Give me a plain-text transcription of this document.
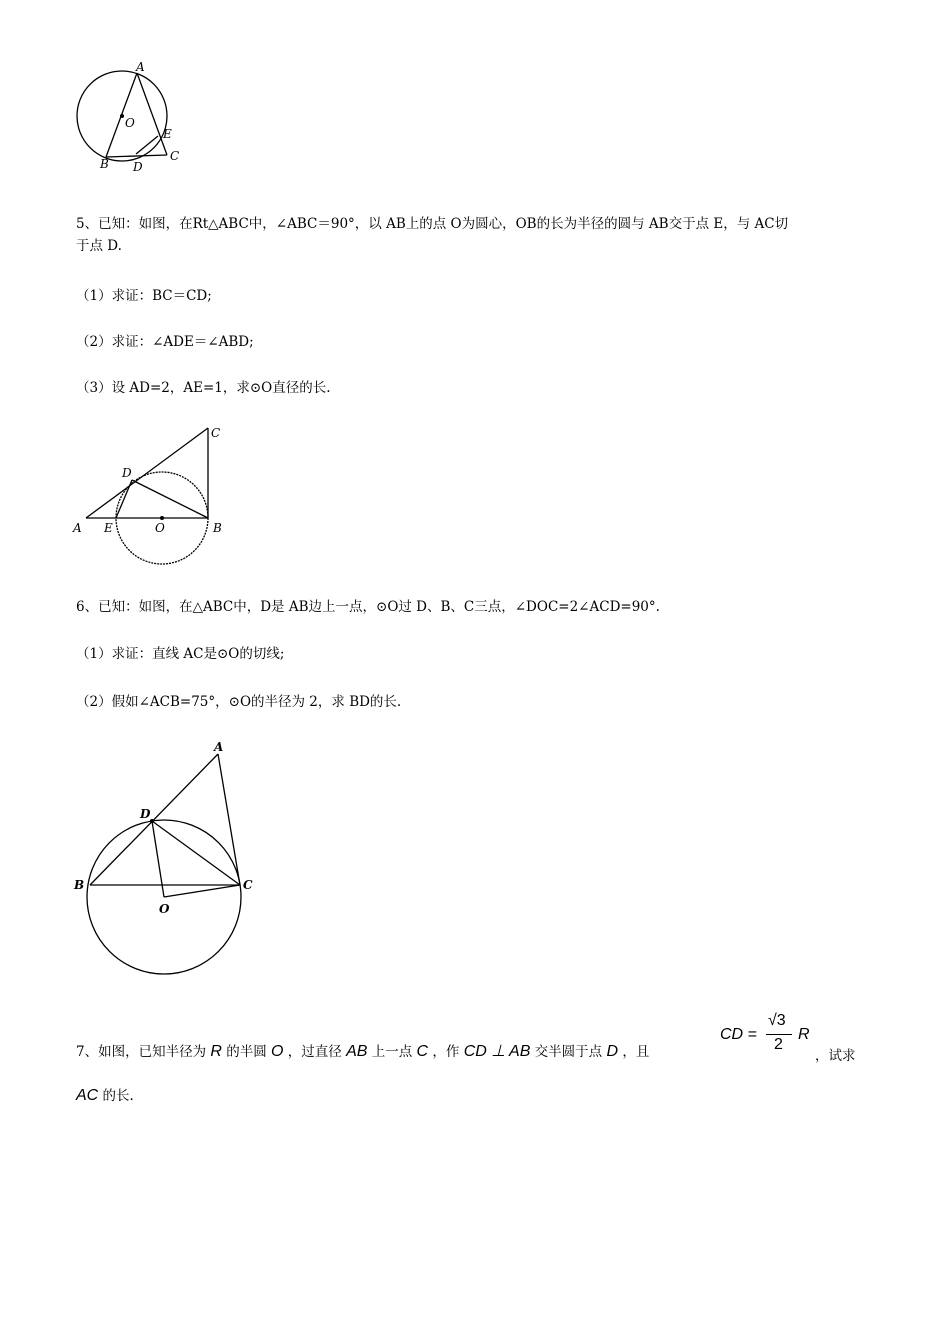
A
O
E
B D
C
5、已知：如图，在Rt△ABC中，∠ABC＝90°，以 AB上的点 O为圆心，OB的长为半径的圆与 AB交于点 E，与 AC切
于点 D.
（1）求证：BC＝CD;
（2）求证：∠ADE＝∠ABD;
（3）设 AD=2，AE=1，求⊙O直径的长.
C
D
A E	O	B
6、已知：如图，在△ABC中，D是 AB边上一点，⊙O过 D、B、C三点，∠DOC=2∠ACD=90°.
（1）求证：直线 AC是⊙O的切线;
（2）假如∠ACB=75°，⊙O的半径为 2，求 BD的长.
A
D
B	C
O
7、如图，已知半径为 R 的半圆 O ，过直径 AB 上一点 C ，作 CD ⊥ AB 交半圆于点 D ，且
CD =
√3
2
R
，试求
AC 的长.
